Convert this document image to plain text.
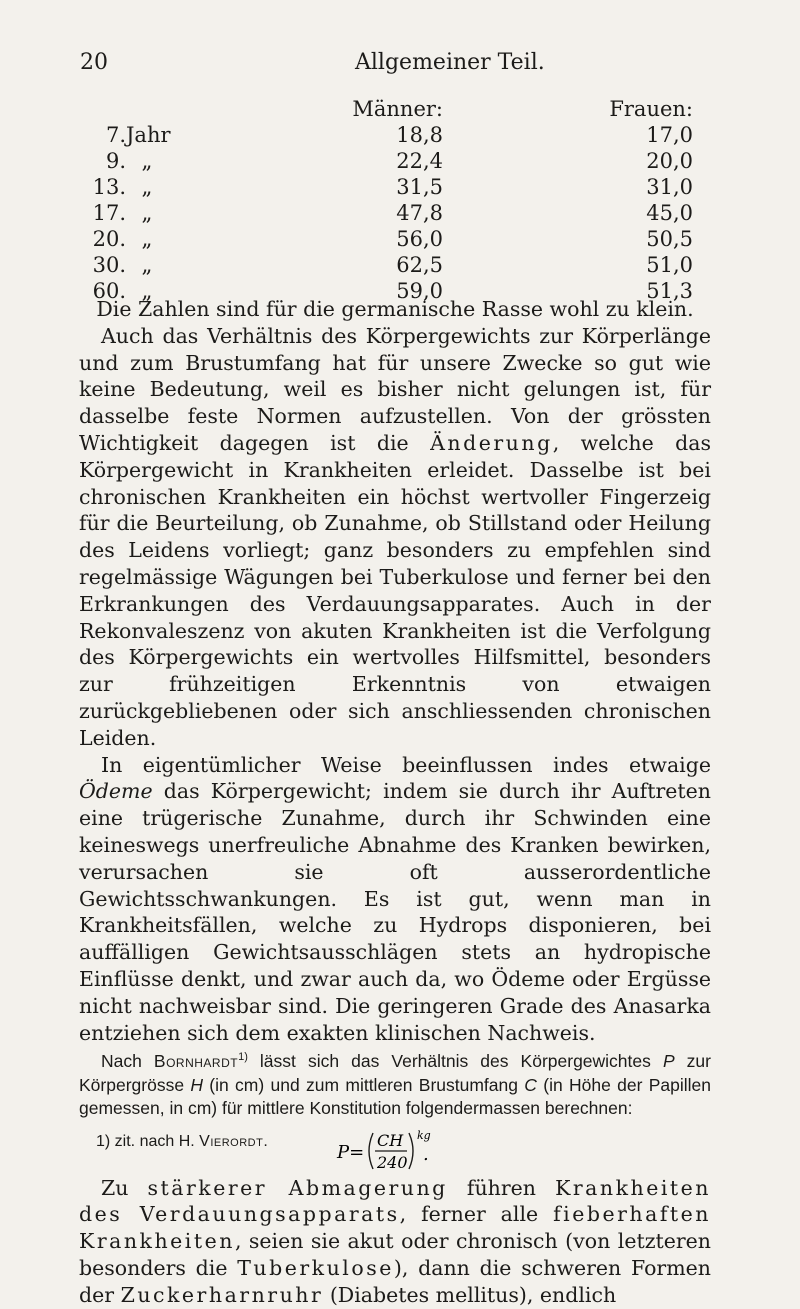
20	Allgemeiner Teil.
	Männer:	Frauen:
7.Jahr	18,8	17,0
9. „	22,4	20,0
13. „	31,5	31,0
17. „	47,8	45,0
20. „	56,0	50,5
30. „	62,5	51,0
60. „	59,0	51,3

Die Zahlen sind für die germanische Rasse wohl zu klein.

Auch das Verhältnis des Körpergewichts zur Körperlänge und zum Brustumfang hat für unsere Zwecke so gut wie keine Bedeutung, weil es bisher nicht gelungen ist, für dasselbe feste Normen aufzustellen. Von der grössten Wichtigkeit dagegen ist die Änderung, welche das Körpergewicht in Krankheiten erleidet. Dasselbe ist bei chronischen Krankheiten ein höchst wertvoller Fingerzeig für die Beurteilung, ob Zunahme, ob Stillstand oder Heilung des Leidens vorliegt; ganz besonders zu empfehlen sind regelmässige Wägungen bei Tuberkulose und ferner bei den Erkrankungen des Verdauungsapparates. Auch in der Rekonvaleszenz von akuten Krankheiten ist die Verfolgung des Körpergewichts ein wertvolles Hilfsmittel, besonders zur frühzeitigen Erkenntnis von etwaigen zurückgebliebenen oder sich anschliessenden chronischen Leiden.

In eigentümlicher Weise beeinflussen indes etwaige Ödeme das Körpergewicht; indem sie durch ihr Auftreten eine trügerische Zunahme, durch ihr Schwinden eine keineswegs unerfreuliche Abnahme des Kranken bewirken, verursachen sie oft ausserordentliche Gewichtsschwankungen. Es ist gut, wenn man in Krankheitsfällen, welche zu Hydrops disponieren, bei auffälligen Gewichtsausschlägen stets an hydropische Einflüsse denkt, und zwar auch da, wo Ödeme oder Ergüsse nicht nachweisbar sind. Die geringeren Grade des Anasarka entziehen sich dem exakten klinischen Nachweis.

Nach Bornhardt$^{1)}$ lässt sich das Verhältnis des Körpergewichtes P zur Körpergrösse H (in cm) und zum mittleren Brustumfang C (in Höhe der Papillen gemessen, in cm) für mittlere Konstitution folgendermassen berechnen:

P=
CH
240
kg
.

Zu stärkerer Abmagerung führen Krankheiten des Verdauungsapparats, ferner alle fieberhaften Krankheiten, seien sie akut oder chronisch (von letzteren besonders die Tuberkulose), dann die schweren Formen der Zuckerharnruhr (Diabetes mellitus), endlich

1) zit. nach H. Vierordt.
